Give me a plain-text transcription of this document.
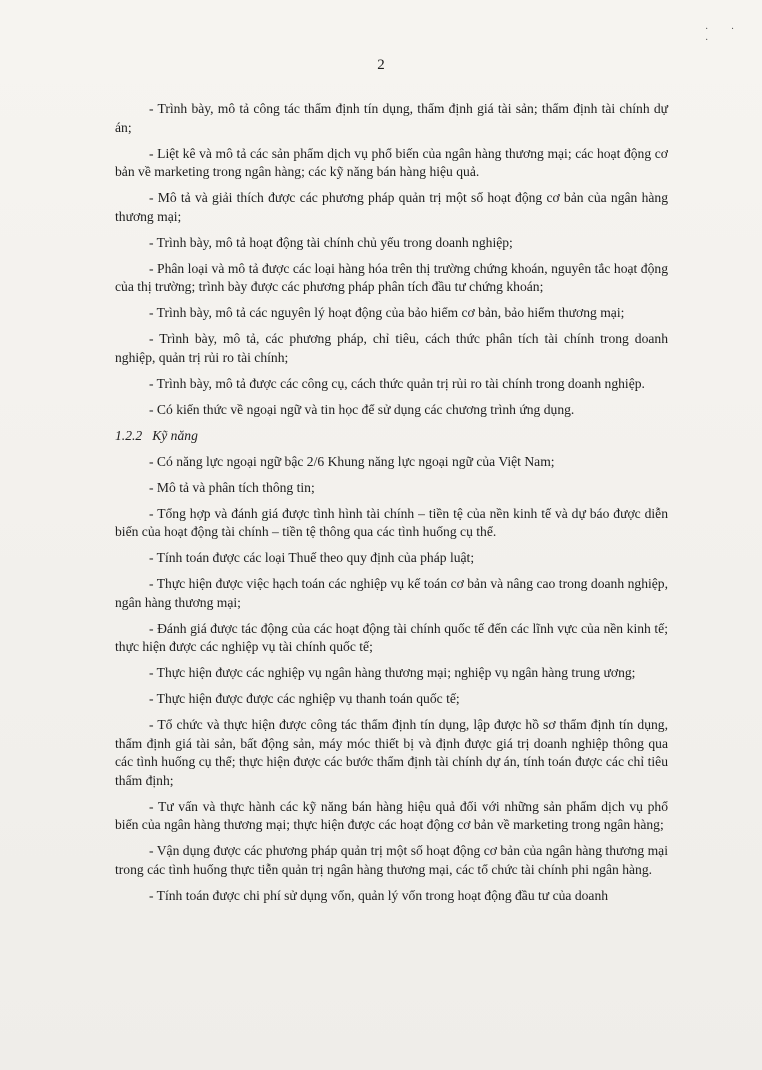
· · ·
2

- Trình bày, mô tả công tác thẩm định tín dụng, thẩm định giá tài sản; thẩm định tài chính dự án;

- Liệt kê và mô tả các sản phẩm dịch vụ phổ biến của ngân hàng thương mại; các hoạt động cơ bản về marketing trong ngân hàng; các kỹ năng bán hàng hiệu quả.

- Mô tả và giải thích được các phương pháp quản trị một số hoạt động cơ bản của ngân hàng thương mại;

- Trình bày, mô tả hoạt động tài chính chủ yếu trong doanh nghiệp;

- Phân loại và mô tả được các loại hàng hóa trên thị trường chứng khoán, nguyên tắc hoạt động của thị trường; trình bày được các phương pháp phân tích đầu tư chứng khoán;

- Trình bày, mô tả các nguyên lý hoạt động của bảo hiểm cơ bản, bảo hiểm thương mại;

- Trình bày, mô tả, các phương pháp, chỉ tiêu, cách thức phân tích tài chính trong doanh nghiệp, quản trị rủi ro tài chính;

- Trình bày, mô tả được các công cụ, cách thức quản trị rủi ro tài chính trong doanh nghiệp.

- Có kiến thức về ngoại ngữ và tin học để sử dụng các chương trình ứng dụng.

1.2.2 Kỹ năng

- Có năng lực ngoại ngữ bậc 2/6 Khung năng lực ngoại ngữ của Việt Nam;

- Mô tả và phân tích thông tin;

- Tổng hợp và đánh giá được tình hình tài chính – tiền tệ của nền kinh tế và dự báo được diễn biến của hoạt động tài chính – tiền tệ thông qua các tình huống cụ thể.

- Tính toán được các loại Thuế theo quy định của pháp luật;

- Thực hiện được việc hạch toán các nghiệp vụ kế toán cơ bản và nâng cao trong doanh nghiệp, ngân hàng thương mại;

- Đánh giá được tác động của các hoạt động tài chính quốc tế đến các lĩnh vực của nền kinh tế; thực hiện được các nghiệp vụ tài chính quốc tế;

- Thực hiện được các nghiệp vụ ngân hàng thương mại; nghiệp vụ ngân hàng trung ương;

- Thực hiện được được các nghiệp vụ thanh toán quốc tế;

- Tổ chức và thực hiện được công tác thẩm định tín dụng, lập được hồ sơ thẩm định tín dụng, thẩm định giá tài sản, bất động sản, máy móc thiết bị và định được giá trị doanh nghiệp thông qua các tình huống cụ thể; thực hiện được các bước thẩm định tài chính dự án, tính toán được các chỉ tiêu thẩm định;

- Tư vấn và thực hành các kỹ năng bán hàng hiệu quả đối với những sản phẩm dịch vụ phổ biến của ngân hàng thương mại; thực hiện được các hoạt động cơ bản về marketing trong ngân hàng;

- Vận dụng được các phương pháp quản trị một số hoạt động cơ bản của ngân hàng thương mại trong các tình huống thực tiễn quản trị ngân hàng thương mại, các tổ chức tài chính phi ngân hàng.

- Tính toán được chi phí sử dụng vốn, quản lý vốn trong hoạt động đầu tư của doanh
